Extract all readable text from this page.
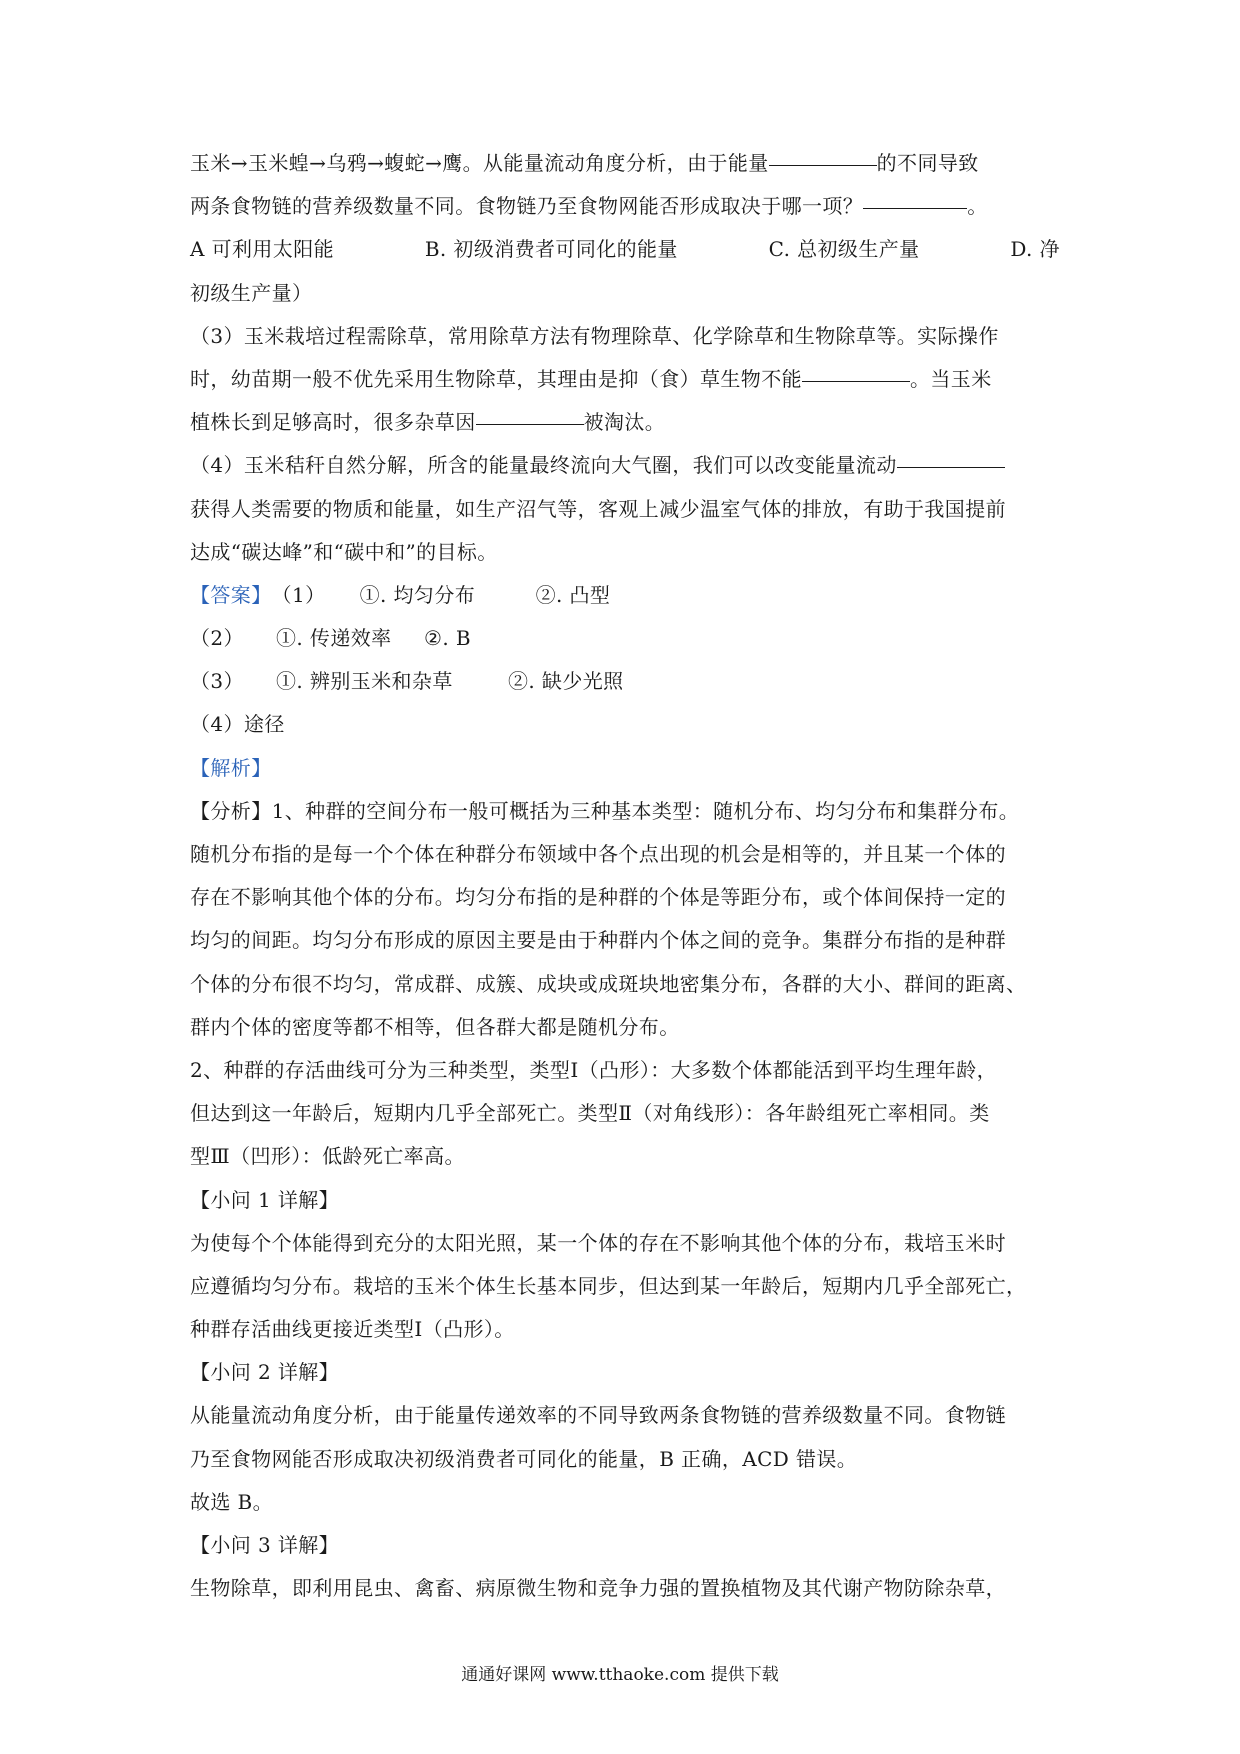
玉米→玉米蝗→乌鸦→蝮蛇→鹰。从能量流动角度分析，由于能量	的不同导致
两条食物链的营养级数量不同。食物链乃至食物网能否形成取决于哪一项？	。
A 可利用太阳能	B. 初级消费者可同化的能量	C. 总初级生产量	D. 净
初级生产量）
（3）玉米栽培过程需除草，常用除草方法有物理除草、化学除草和生物除草等。实际操作
时，幼苗期一般不优先采用生物除草，其理由是抑（食）草生物不能	。当玉米
植株长到足够高时，很多杂草因	被淘汰。
（4）玉米秸秆自然分解，所含的能量最终流向大气圈，我们可以改变能量流动
获得人类需要的物质和能量，如生产沼气等，客观上减少温室气体的排放，有助于我国提前
达成“碳达峰”和“碳中和”的目标。
【答案】（1） ①. 均匀分布	②. 凸型
（2） ①. 传递效率 ②. B
（3） ①. 辨别玉米和杂草	②. 缺少光照
（4）途径
【解析】
【分析】1、种群的空间分布一般可概括为三种基本类型：随机分布、均匀分布和集群分布。
随机分布指的是每一个个体在种群分布领域中各个点出现的机会是相等的，并且某一个体的
存在不影响其他个体的分布。均匀分布指的是种群的个体是等距分布，或个体间保持一定的
均匀的间距。均匀分布形成的原因主要是由于种群内个体之间的竞争。集群分布指的是种群
个体的分布很不均匀，常成群、成簇、成块或成斑块地密集分布，各群的大小、群间的距离、
群内个体的密度等都不相等，但各群大都是随机分布。
2、种群的存活曲线可分为三种类型，类型Ⅰ（凸形）：大多数个体都能活到平均生理年龄，
但达到这一年龄后，短期内几乎全部死亡。类型Ⅱ（对角线形）：各年龄组死亡率相同。类
型Ⅲ（凹形）：低龄死亡率高。
【小问 1 详解】
为使每个个体能得到充分的太阳光照，某一个体的存在不影响其他个体的分布，栽培玉米时
应遵循均匀分布。栽培的玉米个体生长基本同步，但达到某一年龄后，短期内几乎全部死亡，
种群存活曲线更接近类型Ⅰ（凸形）。
【小问 2 详解】
从能量流动角度分析，由于能量传递效率的不同导致两条食物链的营养级数量不同。食物链
乃至食物网能否形成取决初级消费者可同化的能量，B 正确，ACD 错误。
故选 B。
【小问 3 详解】
生物除草，即利用昆虫、禽畜、病原微生物和竞争力强的置换植物及其代谢产物防除杂草，
通通好课网 www.tthaoke.com 提供下载
